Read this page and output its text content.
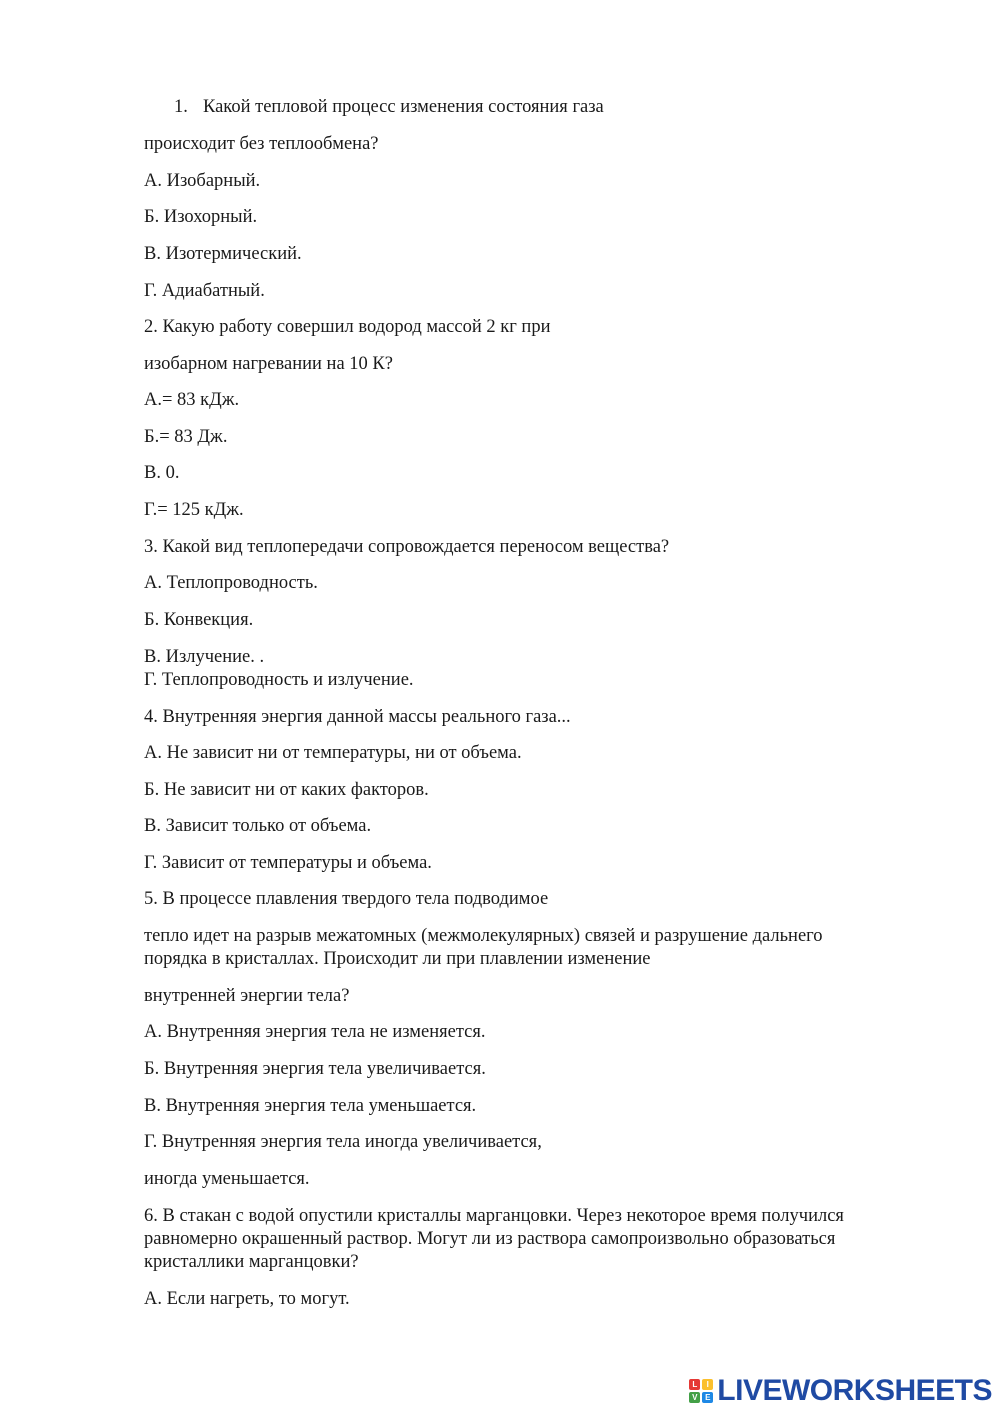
1. Какой тепловой процесс изменения состояния газа

происходит без теплообмена?

А. Изобарный.

Б. Изохорный.

В. Изотермический.

Г. Адиабатный.

2. Какую работу совершил водород массой 2 кг при

изобарном нагревании на 10 К?

А.= 83 кДж.

Б.= 83 Дж.

В. 0.

Г.= 125 кДж.

3. Какой вид теплопередачи сопровождается переносом вещества?

А. Теплопроводность.

Б. Конвекция.

В. Излучение. .

Г. Теплопроводность и излучение.

4. Внутренняя энергия данной массы реального газа...

А. Не зависит ни от температуры, ни от объема.

Б. Не зависит ни от каких факторов.

В. Зависит только от объема.

Г. Зависит от температуры и объема.

5. В процессе плавления твердого тела подводимое

тепло идет на разрыв межатомных (межмолекулярных) связей и разрушение дальнего

порядка в кристаллах. Происходит ли при плавлении изменение

внутренней энергии тела?

А. Внутренняя энергия тела не изменяется.

Б. Внутренняя энергия тела увеличивается.

В. Внутренняя энергия тела уменьшается.

Г. Внутренняя энергия тела иногда увеличивается,

иногда уменьшается.

6. В стакан с водой опустили кристаллы марганцовки. Через некоторое время получился

равномерно окрашенный раствор. Могут ли из раствора самопроизвольно образоваться

кристаллики марганцовки?

А. Если нагреть, то могут.

L	I
V E LIVEWORKSHEETS
